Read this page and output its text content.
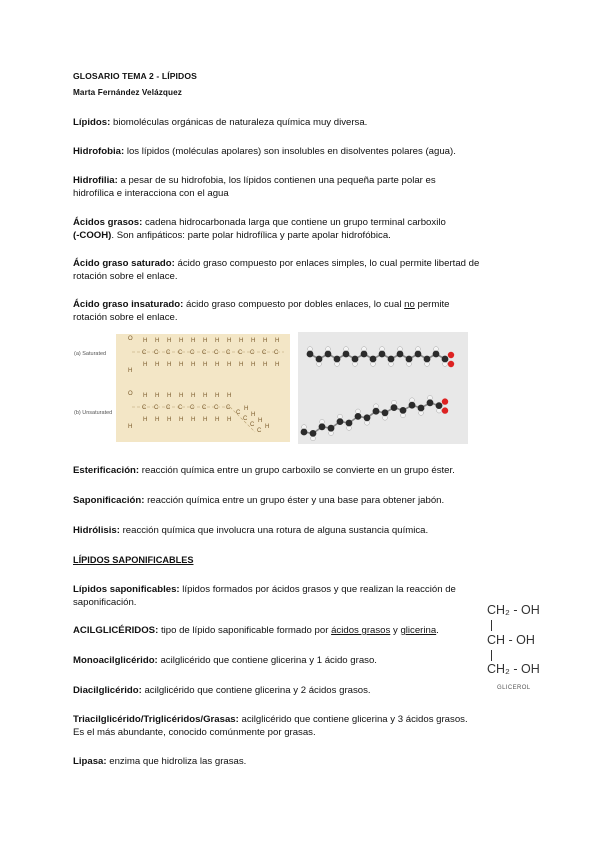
GLOSARIO TEMA 2 - LÍPIDOS
Marta Fernández Velázquez
Lípidos: biomoléculas orgánicas de naturaleza química muy diversa.
Hidrofobia: los lípidos (moléculas apolares) son insolubles en disolventes polares (agua).
Hidrofilia: a pesar de su hidrofobia, los lípidos contienen una pequeña parte polar es
hidrofílica e interacciona con el agua
Ácidos grasos: cadena hidrocarbonada larga que contiene un grupo terminal carboxilo
(-COOH). Son anfipáticos: parte polar hidrofílica y parte apolar hidrofóbica.
Ácido graso saturado: ácido graso compuesto por enlaces simples, lo cual permite libertad de
rotación sobre el enlace.
Ácido graso insaturado: ácido graso compuesto por dobles enlaces, lo cual no permite
rotación sobre el enlace.
O
H
C
H
H
C
H
H
C
H
H
C
H
H
C
H
H
C
H
H
C
H
H
C
H
H
C
H
H
C
H
H
C
H
H
C
H
H
O
H
C
H
H
C
H
H
C
H
H
C
H
H
C
H
H
C
H
H
C
H
H
C
H
H
C
H
C
H
C
H
C
H
(a) Saturated
(b) Unsaturated
Esterificación: reacción química entre un grupo carboxilo se convierte en un grupo éster.
Saponificación: reacción química entre un grupo éster y una base para obtener jabón.
Hidrólisis: reacción química que involucra una rotura de alguna sustancia química.
LÍPIDOS SAPONIFICABLES
Lípidos saponificables: lípidos formados por ácidos grasos y que realizan la reacción de
saponificación.
ACILGLICÉRIDOS: tipo de lípido saponificable formado por ácidos grasos y glicerina.
Monoacilglicérido: acilglicérido que contiene glicerina y 1 ácido graso.
Diacilglicérido: acilglicérido que contiene glicerina y 2 ácidos grasos.
Triacilglicérido/Triglicéridos/Grasas: acilglicérido que contiene glicerina y 3 ácidos grasos.
Es el más abundante, conocido comúnmente por grasas.
Lipasa: enzima que hidroliza las grasas.
CH₂ - OH
CH - OH
CH₂ - OH
GLICEROL
